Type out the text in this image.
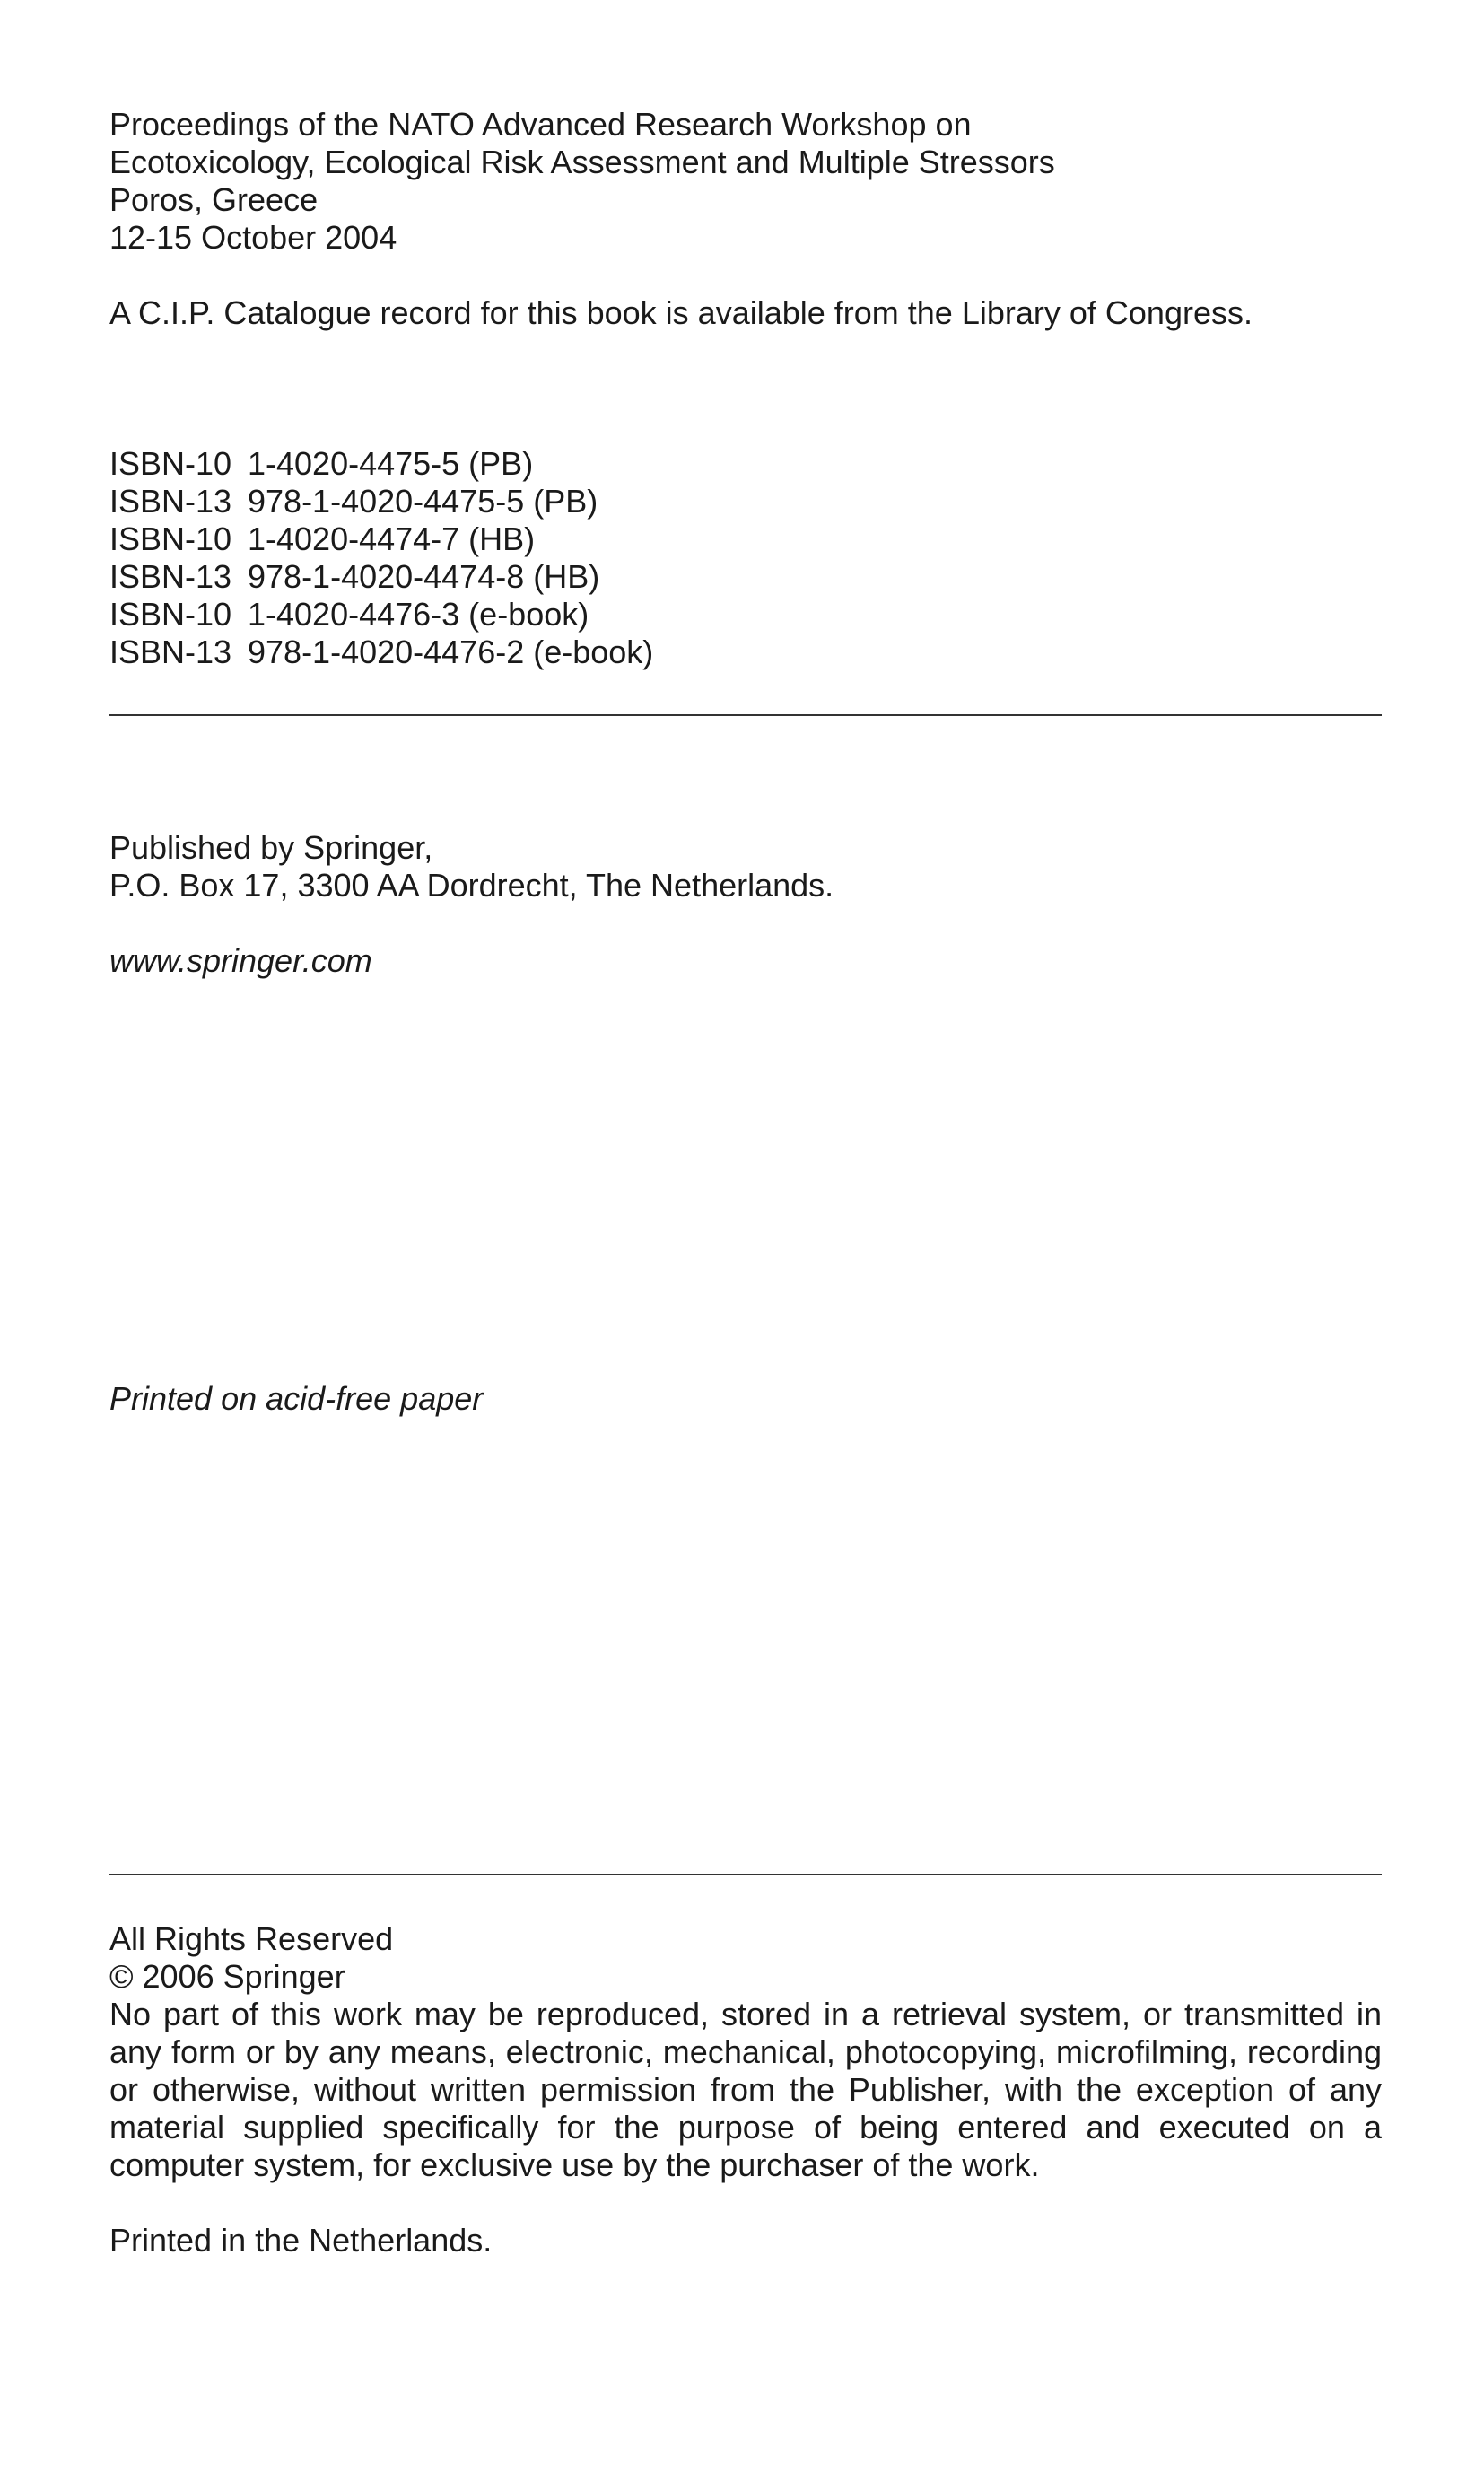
Proceedings of the NATO Advanced Research Workshop on
Ecotoxicology, Ecological Risk Assessment and Multiple Stressors
Poros, Greece
12-15 October 2004
A C.I.P. Catalogue record for this book is available from the Library of Congress.
ISBN-10 1-4020-4475-5 (PB)
ISBN-13 978-1-4020-4475-5 (PB)
ISBN-10 1-4020-4474-7 (HB)
ISBN-13 978-1-4020-4474-8 (HB)
ISBN-10 1-4020-4476-3 (e-book)
ISBN-13 978-1-4020-4476-2 (e-book)
Published by Springer,
P.O. Box 17, 3300 AA Dordrecht, The Netherlands.
www.springer.com
Printed on acid-free paper
All Rights Reserved
© 2006 Springer
No part of this work may be reproduced, stored in a retrieval system, or transmitted in any form or by any means, electronic, mechanical, photocopying, microfilming, recording or otherwise, without written permission from the Publisher, with the exception of any material supplied specifically for the purpose of being entered and executed on a computer system, for exclusive use by the purchaser of the work.
Printed in the Netherlands.
